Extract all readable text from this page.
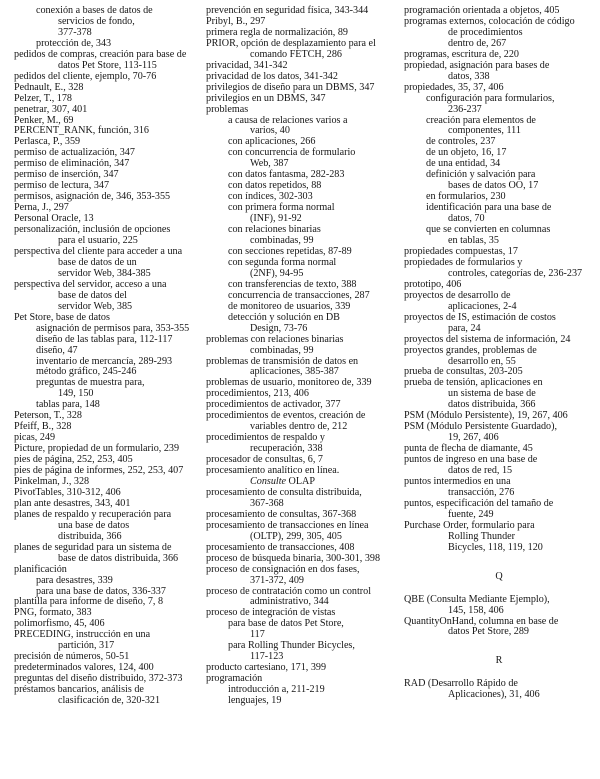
conexión a bases de datos de
servicios de fondo,
377-378
protección de, 343
pedidos de compras, creación para base de
datos Pet Store, 113-115
pedidos del cliente, ejemplo, 70-76
Pednault, E., 328
Pelzer, T., 178
penetrar, 307, 401
Penker, M., 69
PERCENT_RANK, función, 316
Perlasca, P., 359
permiso de actualización, 347
permiso de eliminación, 347
permiso de inserción, 347
permiso de lectura, 347
permisos, asignación de, 346, 353-355
Perna, J., 297
Personal Oracle, 13
personalización, inclusión de opciones
para el usuario, 225
perspectiva del cliente para acceder a una
base de datos de un
servidor Web, 384-385
perspectiva del servidor, acceso a una
base de datos del
servidor Web, 385
Pet Store, base de datos
asignación de permisos para, 353-355
diseño de las tablas para, 112-117
diseño, 47
inventario de mercancía, 289-293
método gráfico, 245-246
preguntas de muestra para,
149, 150
tablas para, 148
Peterson, T., 328
Pfeiff, B., 328
picas, 249
Picture, propiedad de un formulario, 239
pies de página, 252, 253, 405
pies de página de informes, 252, 253, 407
Pinkelman, J., 328
PivotTables, 310-312, 406
plan ante desastres, 343, 401
planes de respaldo y recuperación para
una base de datos
distribuida, 366
planes de seguridad para un sistema de
base de datos distribuida, 366
planificación
para desastres, 339
para una base de datos, 336-337
plantilla para informe de diseño, 7, 8
PNG, formato, 383
polimorfismo, 45, 406
PRECEDING, instrucción en una
partición, 317
precisión de números, 50-51
predeterminados valores, 124, 400
preguntas del diseño distribuido, 372-373
préstamos bancarios, análisis de
clasificación de, 320-321
prevención en seguridad física, 343-344
Pribyl, B., 297
primera regla de normalización, 89
PRIOR, opción de desplazamiento para el
comando FETCH, 286
privacidad, 341-342
privacidad de los datos, 341-342
privilegios de diseño para un DBMS, 347
privilegios en un DBMS, 347
problemas
a causa de relaciones varios a
varios, 40
con aplicaciones, 266
con concurrencia de formulario
Web, 387
con datos fantasma, 282-283
con datos repetidos, 88
con índices, 302-303
con primera forma normal
(INF), 91-92
con relaciones binarias
combinadas, 99
con secciones repetidas, 87-89
con segunda forma normal
(2NF), 94-95
con transferencias de texto, 388
concurrencia de transacciones, 287
de monitoreo de usuarios, 339
detección y solución en DB
Design, 73-76
problemas con relaciones binarias
combinadas, 99
problemas de transmisión de datos en
aplicaciones, 385-387
problemas de usuario, monitoreo de, 339
procedimientos, 213, 406
procedimientos de activador, 377
procedimientos de eventos, creación de
variables dentro de, 212
procedimientos de respaldo y
recuperación, 338
procesador de consultas, 6, 7
procesamiento analítico en línea.
Consulte OLAP
procesamiento de consulta distribuida,
367-368
procesamiento de consultas, 367-368
procesamiento de transacciones en línea
(OLTP), 299, 305, 405
procesamiento de transacciones, 408
proceso de búsqueda binaria, 300-301, 398
proceso de consignación en dos fases,
371-372, 409
proceso de contratación como un control
administrativo, 344
proceso de integración de vistas
para base de datos Pet Store,
117
para Rolling Thunder Bicycles,
117-123
producto cartesiano, 171, 399
programación
introducción a, 211-219
lenguajes, 19
programación orientada a objetos, 405
programas externos, colocación de código
de procedimientos
dentro de, 267
programas, escritura de, 220
propiedad, asignación para bases de
datos, 338
propiedades, 35, 37, 406
configuración para formularios,
236-237
creación para elementos de
componentes, 111
de controles, 237
de un objeto, 16, 17
de una entidad, 34
definición y salvación para
bases de datos OO, 17
en formularios, 230
identificación para una base de
datos, 70
que se convierten en columnas
en tablas, 35
propiedades compuestas, 17
propiedades de formularios y
controles, categorías de, 236-237
prototipo, 406
proyectos de desarrollo de
aplicaciones, 2-4
proyectos de IS, estimación de costos
para, 24
proyectos del sistema de información, 24
proyectos grandes, problemas de
desarrollo en, 55
prueba de consultas, 203-205
prueba de tensión, aplicaciones en
un sistema de base de
datos distribuida, 366
PSM (Módulo Persistente), 19, 267, 406
PSM (Módulo Persistente Guardado),
19, 267, 406
punta de flecha de diamante, 45
puntos de ingreso en una base de
datos de red, 15
puntos intermedios en una
transacción, 276
puntos, especificación del tamaño de
fuente, 249
Purchase Order, formulario para
Rolling Thunder
Bicycles, 118, 119, 120
Q
QBE (Consulta Mediante Ejemplo),
145, 158, 406
QuantityOnHand, columna en base de
datos Pet Store, 289
R
RAD (Desarrollo Rápido de
Aplicaciones), 31, 406
